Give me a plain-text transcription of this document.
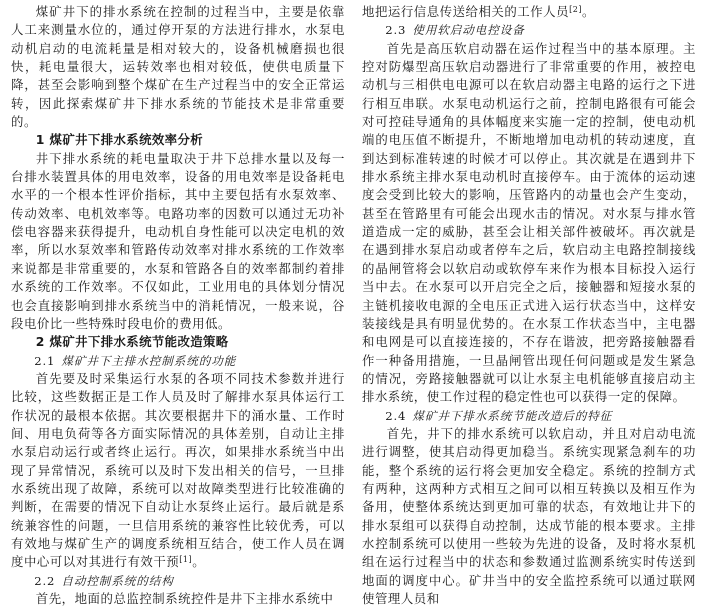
煤矿井下的排水系统在控制的过程当中，主要是依靠人工来测量水位的，通过停开泵的方法进行排水，水泵电动机启动的电流耗量是相对较大的，设备机械磨损也很快，耗电量很大，运转效率也相对较低，使供电质量下降，甚至会影响到整个煤矿在生产过程当中的安全正常运转，因此探索煤矿井下排水系统的节能技术是非常重要的。

1 煤矿井下排水系统效率分析

井下排水系统的耗电量取决于井下总排水量以及每一台排水装置具体的用电效率，设备的用电效率是设备耗电水平的一个根本性评价指标，其中主要包括有水泵效率、传动效率、电机效率等。电路功率的因数可以通过无功补偿电容器来获得提升，电动机自身性能可以决定电机的效率，所以水泵效率和管路传动效率对排水系统的工作效率来说都是非常重要的，水泵和管路各自的效率都制约着排水系统的工作效率。不仅如此，工业用电的具体划分情况也会直接影响到排水系统当中的消耗情况，一般来说，谷段电价比一些特殊时段电价的费用低。

2 煤矿井下排水系统节能改造策略
2.1 煤矿井下主排水控制系统的功能

首先要及时采集运行水泵的各项不同技术参数并进行比较，这些数据正是工作人员及时了解排水泵具体运行工作状况的最根本依据。其次要根据井下的涌水量、工作时间、用电负荷等各方面实际情况的具体差别，自动让主排水泵启动运行或者终止运行。再次，如果排水系统当中出现了异常情况，系统可以及时下发出相关的信号，一旦排水系统出现了故障，系统可以对故障类型进行比较准确的判断，在需要的情况下自动让水泵终止运行。最后就是系统兼容性的问题，一旦信用系统的兼容性比较优秀，可以有效地与煤矿生产的调度系统相互结合，使工作人员在调度中心可以对其进行有效干预[1]。

2.2 自动控制系统的结构

首先，地面的总监控制系统控件是井下主排水系统中

地把运行信息传送给相关的工作人员[2]。

2.3 使用软启动电控设备

首先是高压软启动器在运作过程当中的基本原理。主控对防爆型高压软启动器进行了非常重要的作用，被控电动机与三相供电电源可以在软启动器主电路的运行之下进行相互串联。水泵电动机运行之前，控制电路很有可能会对可控硅导通角的具体幅度来实施一定的控制，使电动机端的电压值不断提升，不断地增加电动机的转动速度，直到达到标准转速的时候才可以停止。其次就是在遇到井下排水系统主排水泵电动机时直接停车。由于流体的运动速度会受到比较大的影响，压管路内的动量也会产生变动，甚至在管路里有可能会出现水击的情况。对水泵与排水管道造成一定的威胁，甚至会让相关部件被破坏。再次就是在遇到排水泵启动或者停车之后，软启动主电路控制接线的晶闸管将会以软启动或软停车来作为根本目标投入运行当中去。在水泵可以开启完全之后，接触器和短接水泵的主链机接收电源的全电压正式进入运行状态当中，这样安装接线是具有明显优势的。在水泵工作状态当中，主电器和电网是可以直接连接的，不存在谐波，把旁路接触器看作一种备用措施，一旦晶闸管出现任何问题或是发生紧急的情况，旁路接触器就可以让水泵主电机能够直接启动主排水系统，使工作过程的稳定性也可以获得一定的保障。

2.4 煤矿井下排水系统节能改造后的特征

首先，井下的排水系统可以软启动，并且对启动电流进行调整，使其启动得更加稳当。系统实现紧急刹车的功能，整个系统的运行将会更加安全稳定。系统的控制方式有两种，这两种方式相互之间可以相互转换以及相互作为备用，使整体系统达到更加可靠的状态，有效地让井下的排水泵组可以获得自动控制，达成节能的根本要求。主排水控制系统可以使用一些较为先进的设备，及时将水泵机组在运行过程当中的状态和参数通过监测系统实时传送到地面的调度中心。矿井当中的安全监控系统可以通过联网使管理人员和
